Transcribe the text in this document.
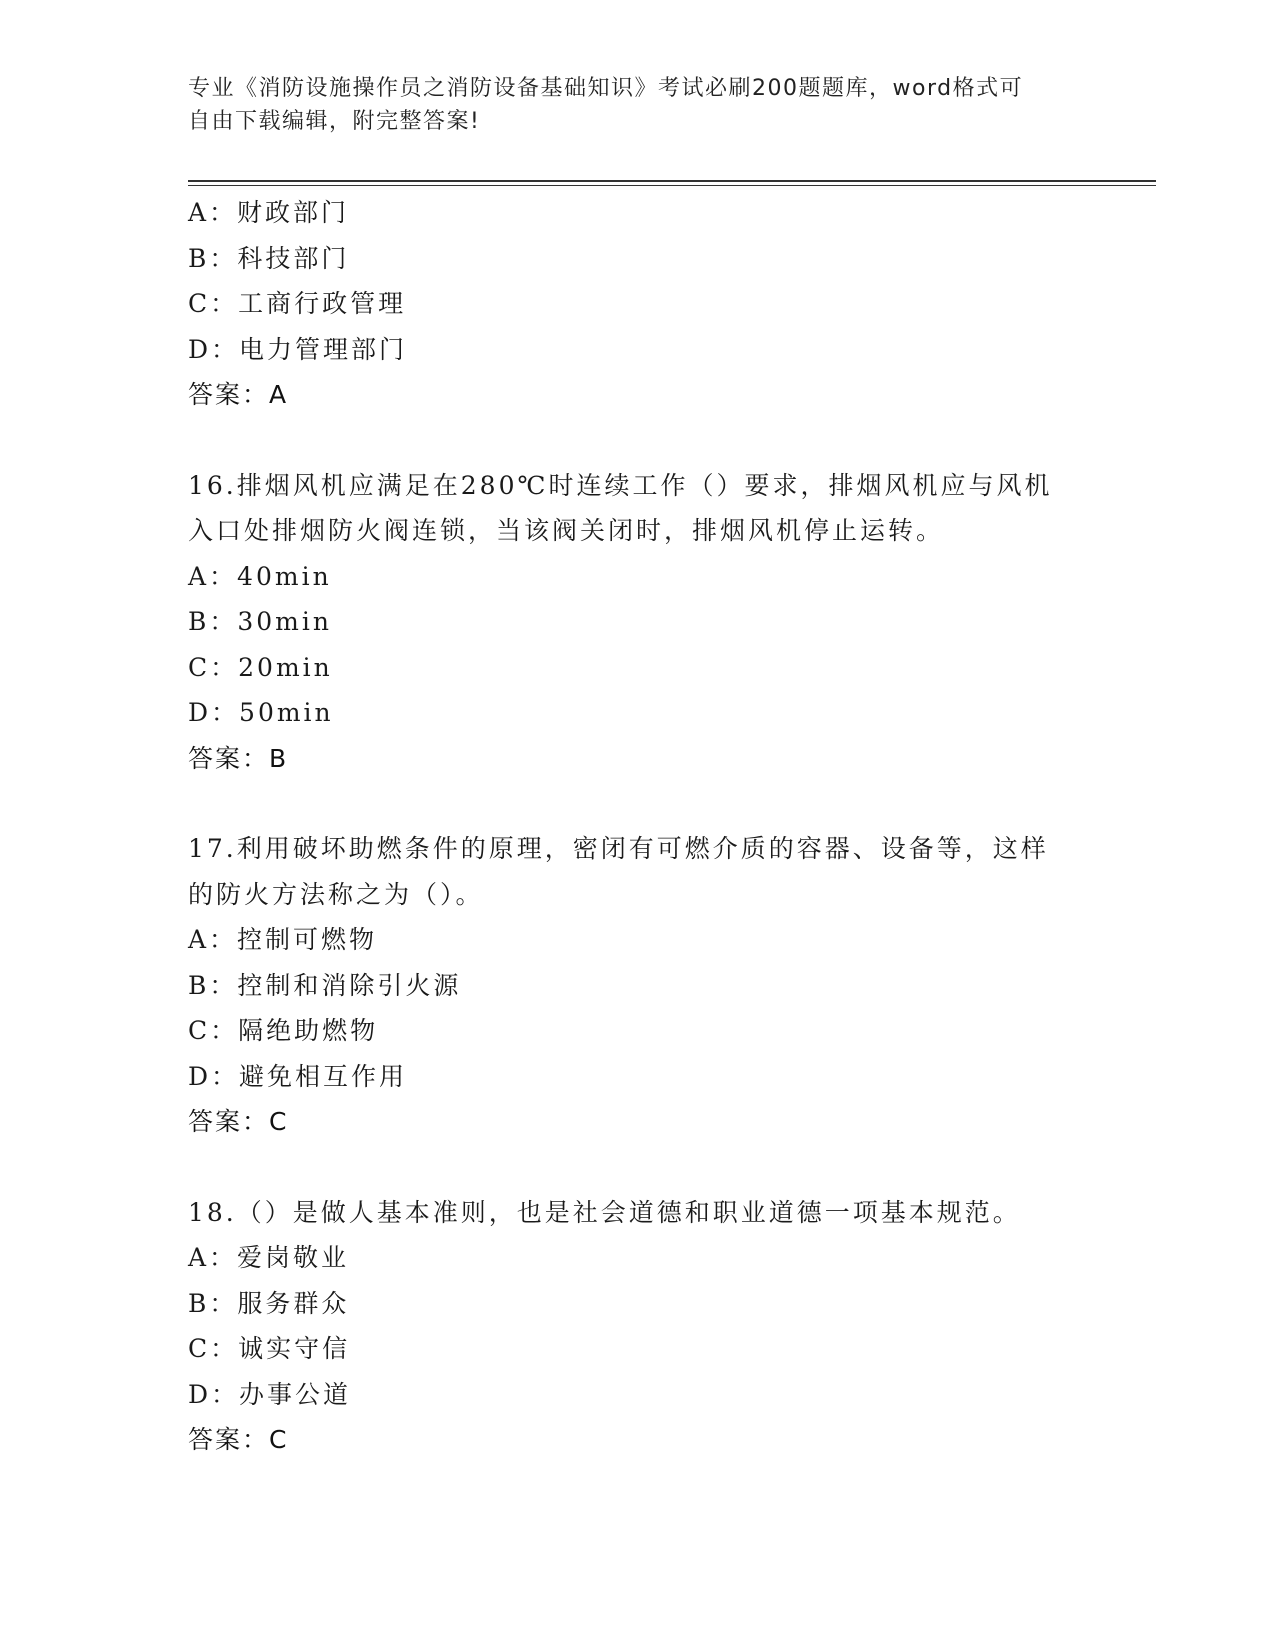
专业《消防设施操作员之消防设备基础知识》考试必刷200题题库，word格式可
自由下载编辑，附完整答案!
A：财政部门
B：科技部门
C：工商行政管理
D：电力管理部门
答案：A
16.排烟风机应满足在280℃时连续工作（）要求，排烟风机应与风机
入口处排烟防火阀连锁，当该阀关闭时，排烟风机停止运转。
A：40min
B：30min
C：20min
D：50min
答案：B
17.利用破坏助燃条件的原理，密闭有可燃介质的容器、设备等，这样
的防火方法称之为（）。
A：控制可燃物
B：控制和消除引火源
C：隔绝助燃物
D：避免相互作用
答案：C
18.（）是做人基本准则，也是社会道德和职业道德一项基本规范。
A：爱岗敬业
B：服务群众
C：诚实守信
D：办事公道
答案：C
